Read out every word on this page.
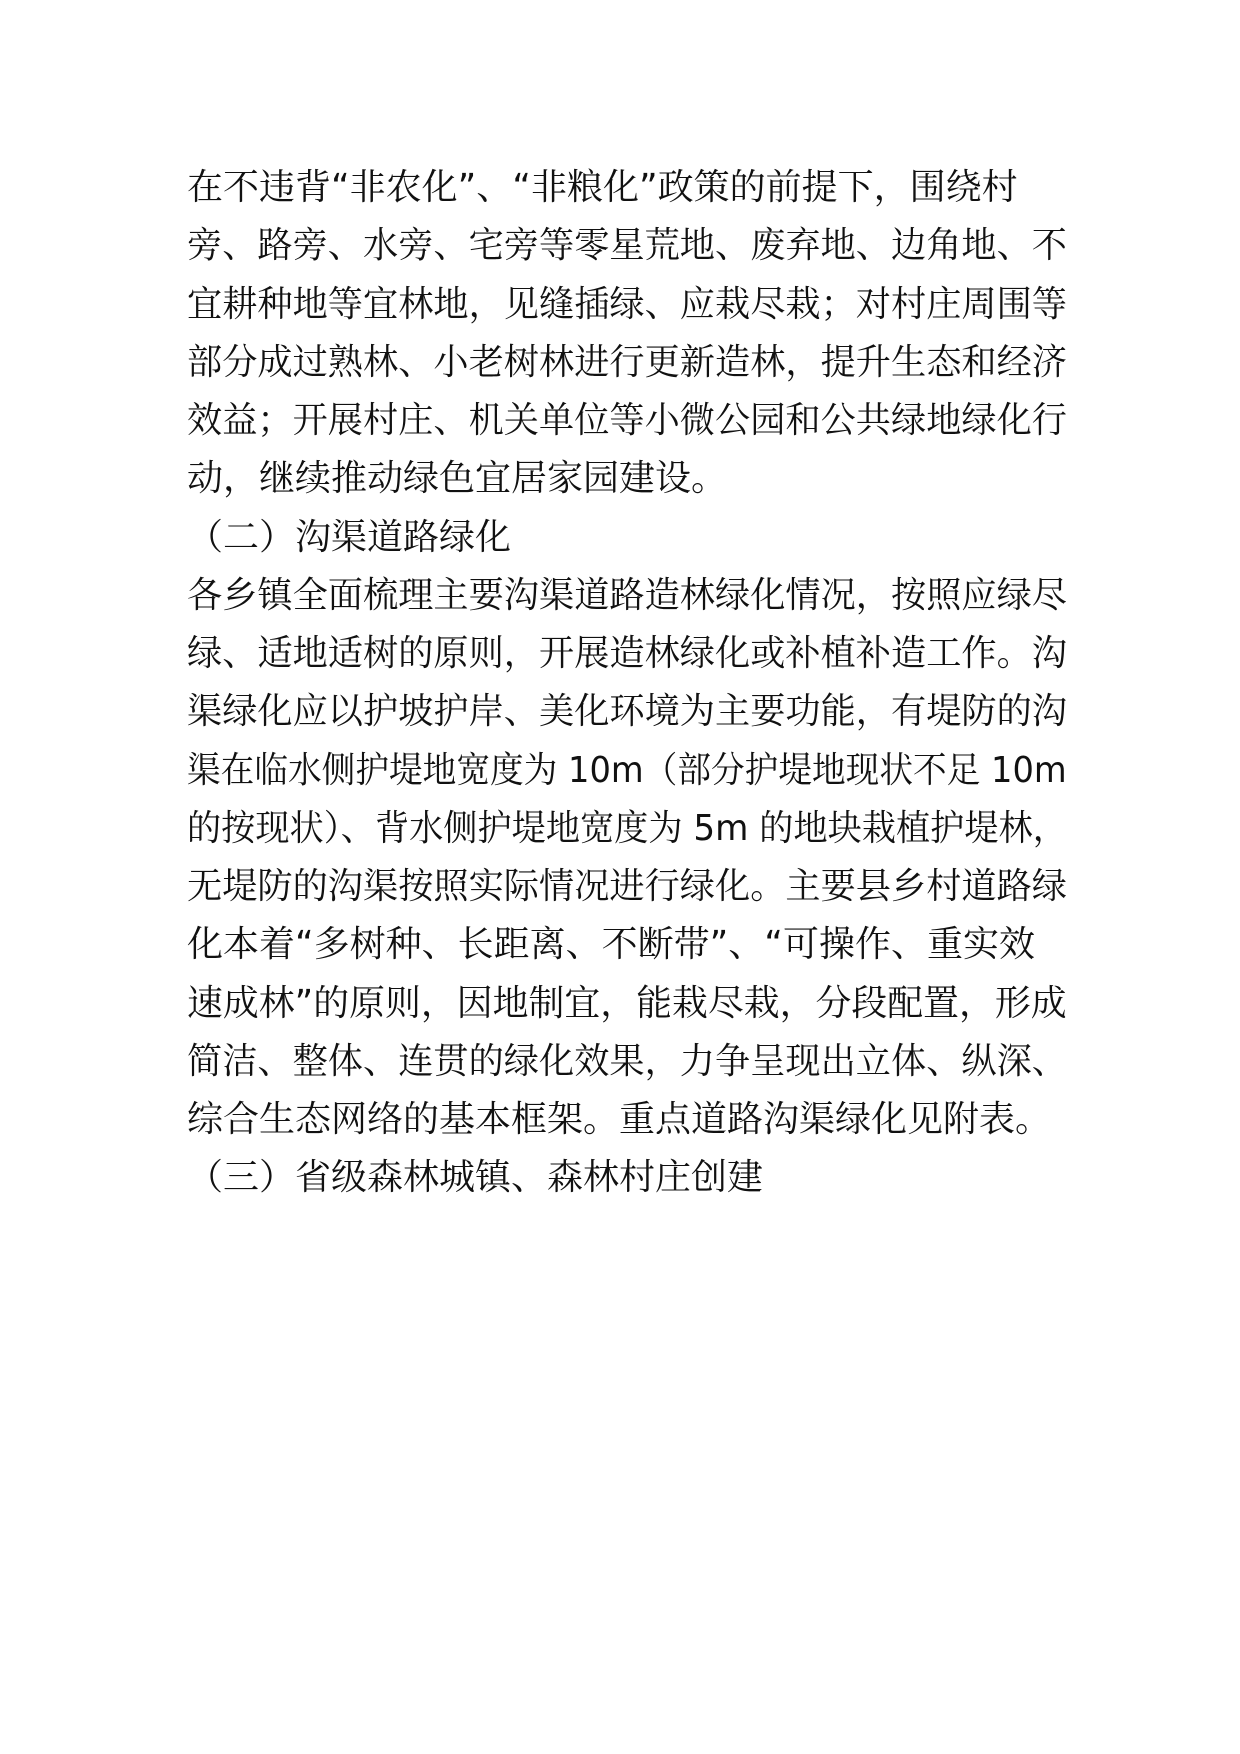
在不违背“非农化”、“非粮化”政策的前提下，围绕村
旁、路旁、水旁、宅旁等零星荒地、废弃地、边角地、不
宜耕种地等宜林地，见缝插绿、应栽尽栽；对村庄周围等
部分成过熟林、小老树林进行更新造林，提升生态和经济
效益；开展村庄、机关单位等小微公园和公共绿地绿化行
动，继续推动绿色宜居家园建设。
（二）沟渠道路绿化
各乡镇全面梳理主要沟渠道路造林绿化情况，按照应绿尽
绿、适地适树的原则，开展造林绿化或补植补造工作。沟
渠绿化应以护坡护岸、美化环境为主要功能，有堤防的沟
渠在临水侧护堤地宽度为 10m（部分护堤地现状不足 10m
的按现状）、背水侧护堤地宽度为 5m 的地块栽植护堤林，
无堤防的沟渠按照实际情况进行绿化。主要县乡村道路绿
化本着“多树种、长距离、不断带”、“可操作、重实效
速成林”的原则，因地制宜，能栽尽栽，分段配置，形成
简洁、整体、连贯的绿化效果，力争呈现出立体、纵深、
综合生态网络的基本框架。重点道路沟渠绿化见附表。
（三）省级森林城镇、森林村庄创建
